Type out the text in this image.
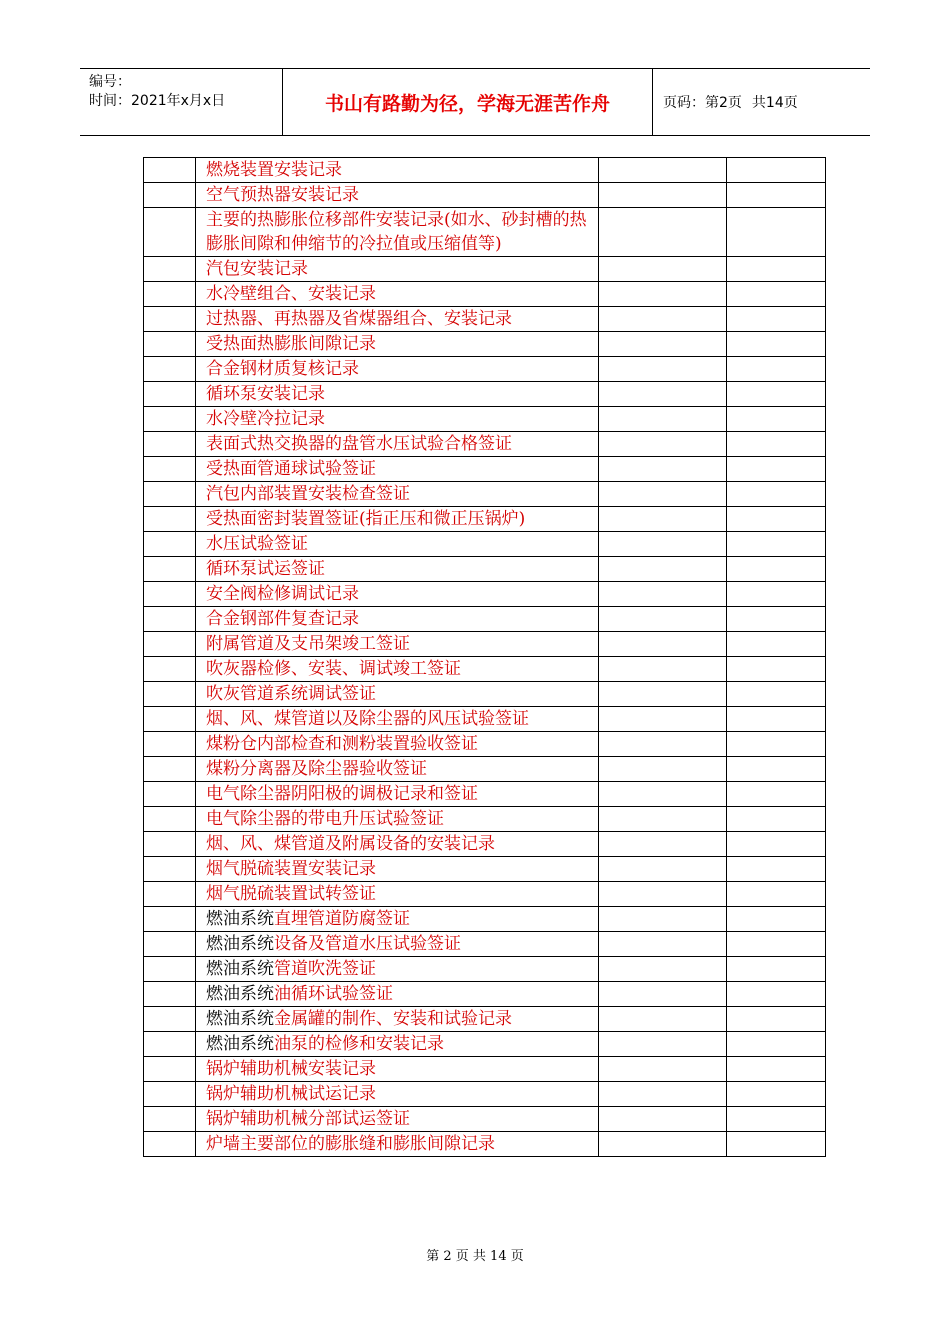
编号：
时间：2021年x月x日	书山有路勤为径，学海无涯苦作舟	页码：第2页 共14页
	燃烧装置安装记录		
	空气预热器安装记录		
	主要的热膨胀位移部件安装记录(如水、砂封槽的热膨胀间隙和伸缩节的冷拉值或压缩值等)		
	汽包安装记录		
	水冷壁组合、安装记录		
	过热器、再热器及省煤器组合、安装记录		
	受热面热膨胀间隙记录		
	合金钢材质复核记录		
	循环泵安装记录		
	水冷壁冷拉记录		
	表面式热交换器的盘管水压试验合格签证		
	受热面管通球试验签证		
	汽包内部装置安装检查签证		
	受热面密封装置签证(指正压和微正压锅炉)		
	水压试验签证		
	循环泵试运签证		
	安全阀检修调试记录		
	合金钢部件复查记录		
	附属管道及支吊架竣工签证		
	吹灰器检修、安装、调试竣工签证		
	吹灰管道系统调试签证		
	烟、风、煤管道以及除尘器的风压试验签证		
	煤粉仓内部检查和测粉装置验收签证		
	煤粉分离器及除尘器验收签证		
	电气除尘器阴阳极的调极记录和签证		
	电气除尘器的带电升压试验签证		
	烟、风、煤管道及附属设备的安装记录		
	烟气脱硫装置安装记录		
	烟气脱硫装置试转签证		
	燃油系统直埋管道防腐签证		
	燃油系统设备及管道水压试验签证		
	燃油系统管道吹洗签证		
	燃油系统油循环试验签证		
	燃油系统金属罐的制作、安装和试验记录		
	燃油系统油泵的检修和安装记录		
	锅炉辅助机械安装记录		
	锅炉辅助机械试运记录		
	锅炉辅助机械分部试运签证		
	炉墙主要部位的膨胀缝和膨胀间隙记录		
第 2 页 共 14 页
